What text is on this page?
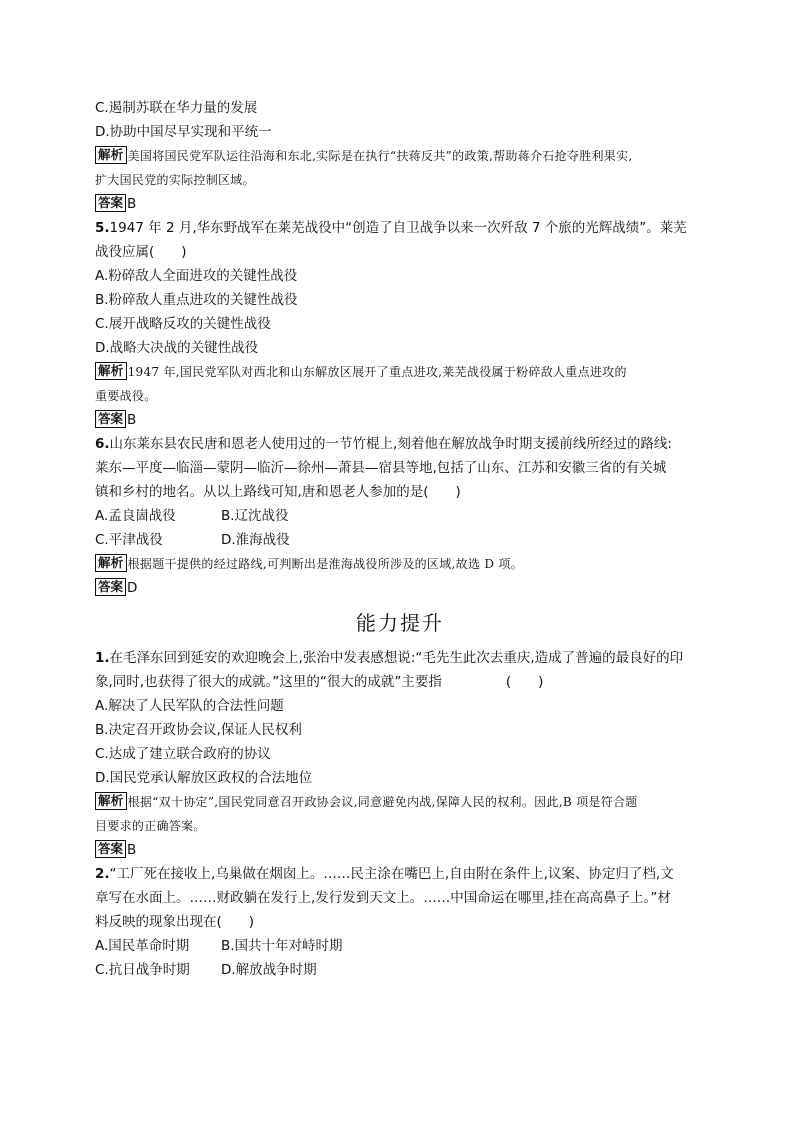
C.遏制苏联在华力量的发展
D.协助中国尽早实现和平统一
解析 美国将国民党军队运往沿海和东北,实际是在执行“扶蒋反共”的政策,帮助蒋介石抢夺胜利果实,
扩大国民党的实际控制区域。
答案 B
5.1947 年 2 月,华东野战军在莱芜战役中“创造了自卫战争以来一次歼敌 7 个旅的光辉战绩”。莱芜
战役应属(　　)
A.粉碎敌人全面进攻的关键性战役
B.粉碎敌人重点进攻的关键性战役
C.展开战略反攻的关键性战役
D.战略大决战的关键性战役
解析 1947 年,国民党军队对西北和山东解放区展开了重点进攻,莱芜战役属于粉碎敌人重点进攻的
重要战役。
答案 B
6.山东莱东县农民唐和恩老人使用过的一节竹棍上,刻着他在解放战争时期支援前线所经过的路线:
莱东—平度—临淄—蒙阴—临沂—徐州—萧县—宿县等地,包括了山东、江苏和安徽三省的有关城
镇和乡村的地名。从以上路线可知,唐和恩老人参加的是(　　)
A.孟良崮战役	B.辽沈战役
C.平津战役	D.淮海战役
解析 根据题干提供的经过路线,可判断出是淮海战役所涉及的区域,故选 D 项。
答案 D
能力提升
1.在毛泽东回到延安的欢迎晚会上,张治中发表感想说:“毛先生此次去重庆,造成了普遍的最良好的印
象,同时,也获得了很大的成就。”这里的“很大的成就”主要指	(　　)
A.解决了人民军队的合法性问题
B.决定召开政协会议,保证人民权利
C.达成了建立联合政府的协议
D.国民党承认解放区政权的合法地位
解析 根据“双十协定”,国民党同意召开政协会议,同意避免内战,保障人民的权利。因此,B 项是符合题
目要求的正确答案。
答案 B
2.“工厂死在接收上,乌巢做在烟囱上。……民主涂在嘴巴上,自由附在条件上,议案、协定归了档,文
章写在水面上。……财政躺在发行上,发行发到天文上。……中国命运在哪里,挂在高高鼻子上。”材
料反映的现象出现在(　　)
A.国民革命时期 B.国共十年对峙时期
C.抗日战争时期 D.解放战争时期
